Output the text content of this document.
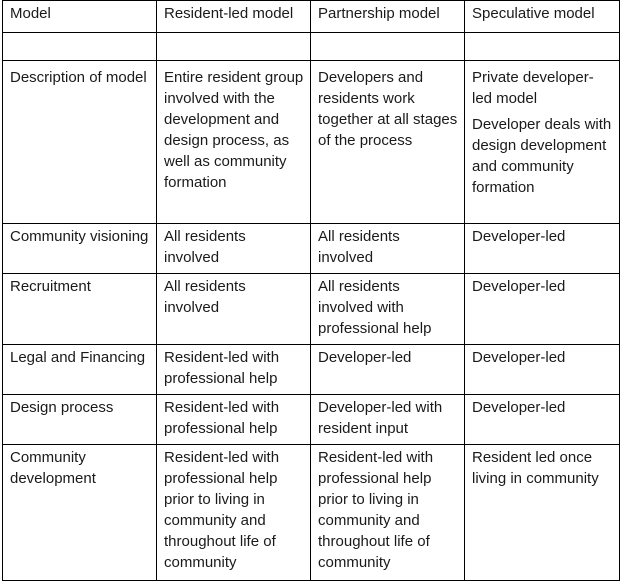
Model	Resident-led model	Partnership model	Speculative model

Description of model	Entire resident group involved with the development and design process, as well as community formation	Developers and residents work together at all stages of the process	Private developer-led model
Developer deals with design development and community formation

Community visioning	All residents involved	All residents involved	Developer-led
Recruitment	All residents involved	All residents involved with professional help	Developer-led
Legal and Financing	Resident-led with professional help	Developer-led	Developer-led
Design process	Resident-led with professional help	Developer-led with resident input	Developer-led
Community development	Resident-led with professional help prior to living in community and throughout life of community	Resident-led with professional help prior to living in community and throughout life of community	Resident led once living in community
